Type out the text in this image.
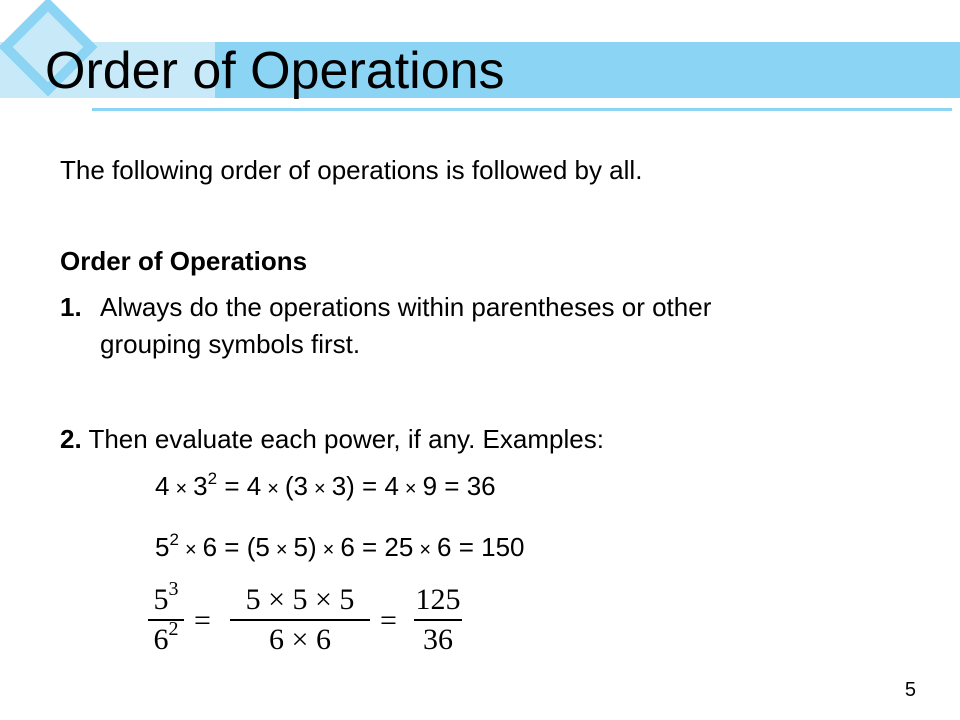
Order of Operations

The following order of operations is followed by all.

Order of Operations

1. Always do the operations within parentheses or other

grouping symbols first.

2. Then evaluate each power, if any. Examples:

$4 \times 3^2 = 4 \times (3 \times 3) = 4 \times 9 = 36$
$5^2 \times 6 = (5 \times 5) \times 6 = 25 \times 6 = 150$
$5^3$
$6^2$ =
5 × 5 × 5
6 × 6
=
125
36
5
